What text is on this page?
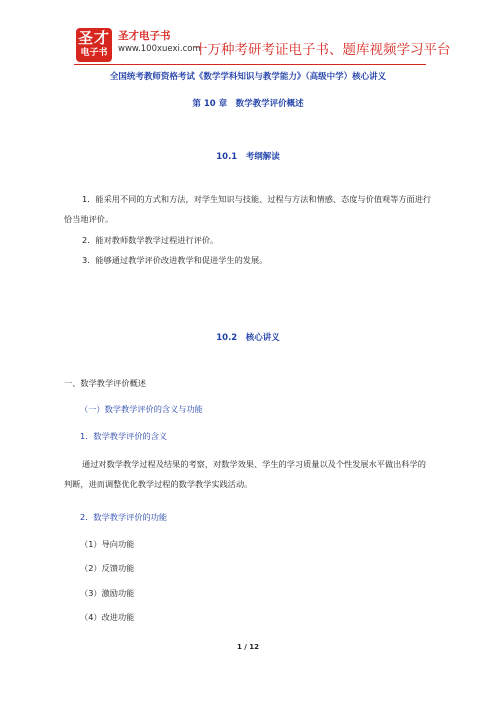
圣才
电子书
圣才电子书
www.100xuexi.com
十万种考研考证电子书、题库视频学习平台
全国统考教师资格考试《数学学科知识与教学能力》（高级中学）核心讲义
第 10 章　数学教学评价概述
10.1　考纲解读
1．能采用不同的方式和方法，对学生知识与技能、过程与方法和情感、态度与价值观等方面进行恰当地评价。
2．能对教师数学教学过程进行评价。
3．能够通过教学评价改进教学和促进学生的发展。
10.2　核心讲义
一、数学教学评价概述
（一）数学教学评价的含义与功能
1．数学教学评价的含义
通过对数学教学过程及结果的考察，对数学效果、学生的学习质量以及个性发展水平做出科学的判断，进而调整优化教学过程的数学教学实践活动。
2．数学教学评价的功能
（1）导向功能
（2）反馈功能
（3）激励功能
（4）改进功能
1 / 12
